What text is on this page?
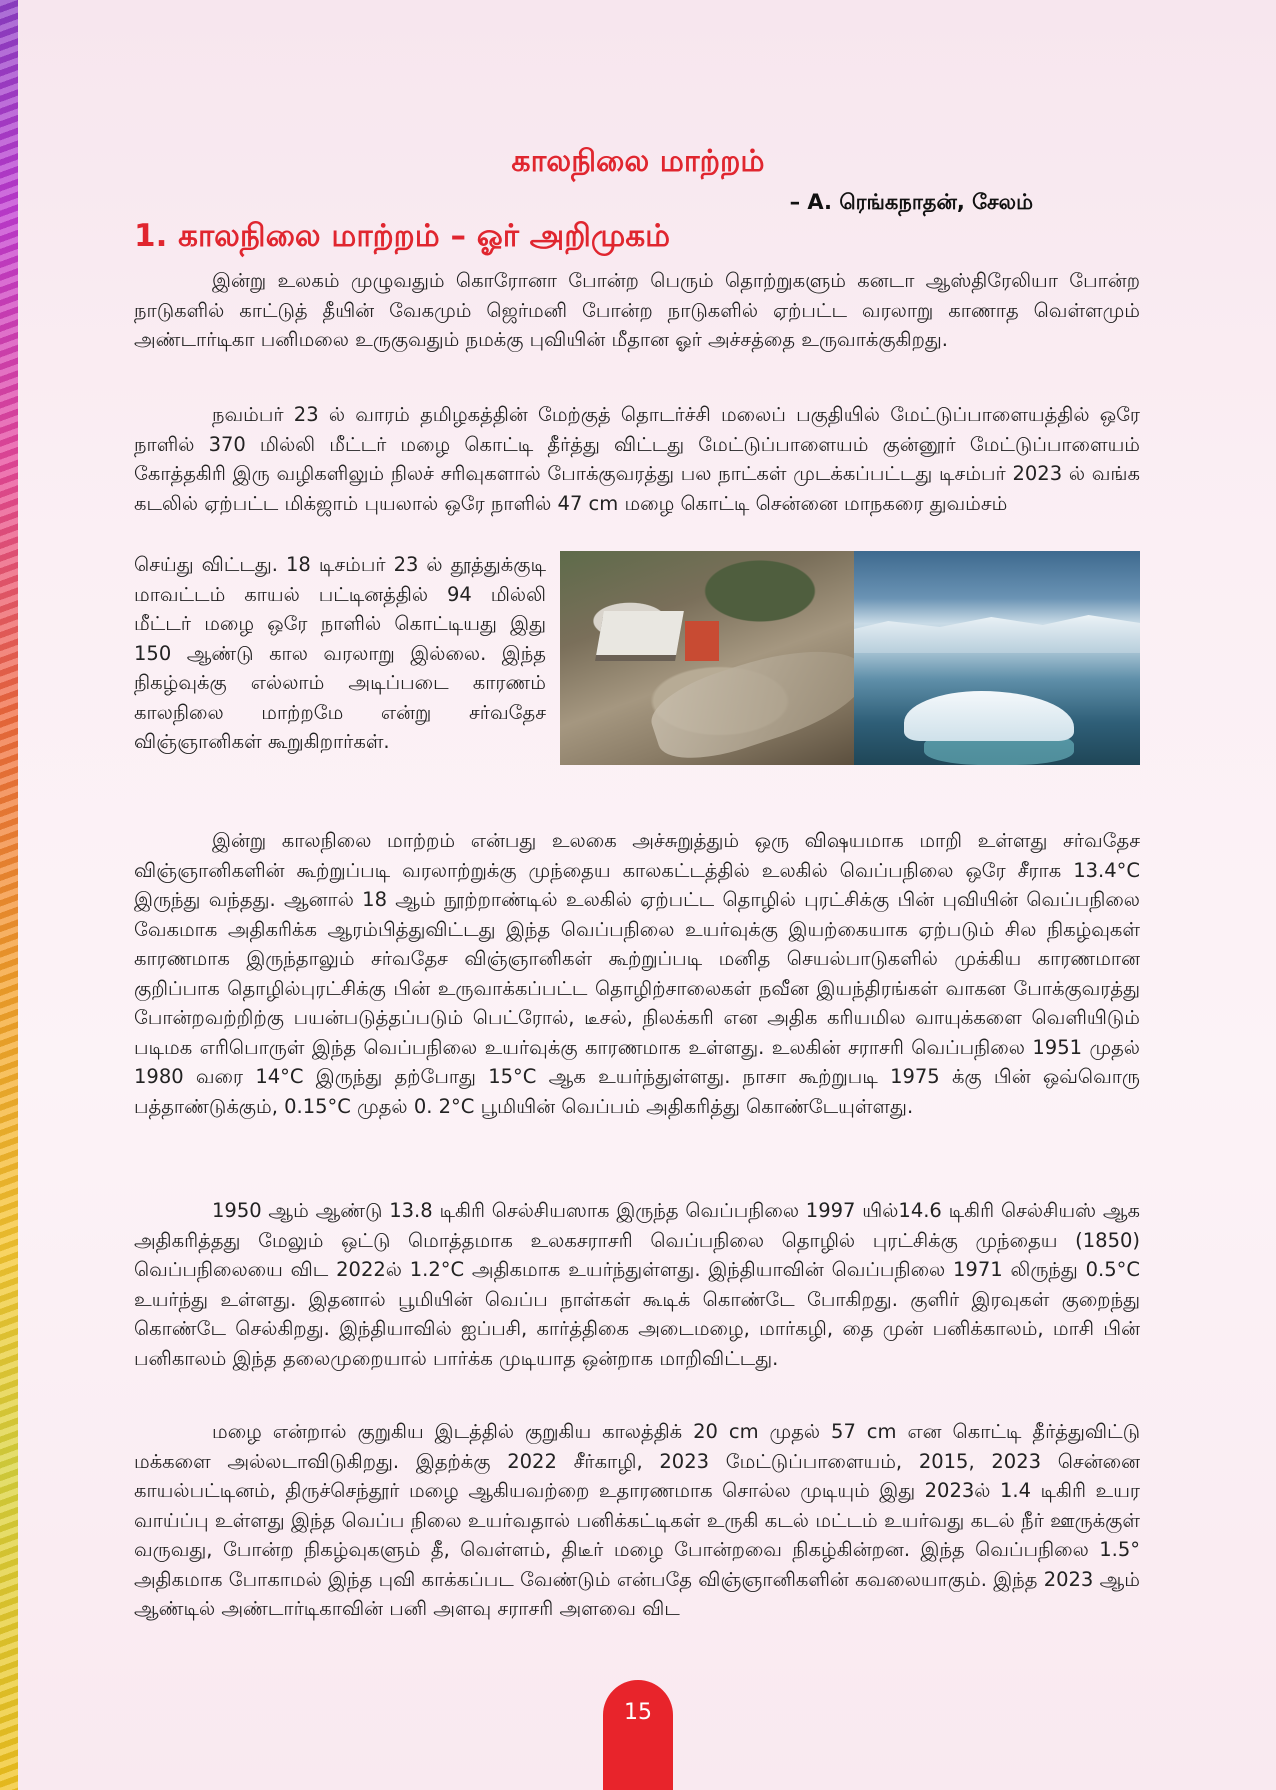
காலநிலை மாற்றம்

– A. ரெங்கநாதன், சேலம்

1. காலநிலை மாற்றம் – ஓர் அறிமுகம்

இன்று உலகம் முழுவதும் கொரோனா போன்ற பெரும் தொற்றுகளும் கனடா ஆஸ்திரேலியா போன்ற நாடுகளில் காட்டுத் தீயின் வேகமும் ஜெர்மனி போன்ற நாடுகளில் ஏற்பட்ட வரலாறு காணாத வெள்ளமும் அண்டார்டிகா பனிமலை உருகுவதும் நமக்கு புவியின் மீதான ஓர் அச்சத்தை உருவாக்குகிறது.

நவம்பர் 23 ல் வாரம் தமிழகத்தின் மேற்குத் தொடர்ச்சி மலைப் பகுதியில் மேட்டுப்பாளையத்தில் ஒரே நாளில் 370 மில்லி மீட்டர் மழை கொட்டி தீர்த்து விட்டது மேட்டுப்பாளையம் குன்னூர் மேட்டுப்பாளையம் கோத்தகிரி இரு வழிகளிலும் நிலச் சரிவுகளால் போக்குவரத்து பல நாட்கள் முடக்கப்பட்டது டிசம்பர் 2023 ல் வங்க கடலில் ஏற்பட்ட மிக்ஜாம் புயலால் ஒரே நாளில் 47 cm மழை கொட்டி சென்னை மாநகரை துவம்சம்

செய்து விட்டது. 18 டிசம்பர் 23 ல் தூத்துக்குடி மாவட்டம் காயல் பட்டினத்தில் 94 மில்லி மீட்டர் மழை ஒரே நாளில் கொட்டியது இது 150 ஆண்டு கால வரலாறு இல்லை. இந்த நிகழ்வுக்கு எல்லாம் அடிப்படை காரணம் காலநிலை மாற்றமே என்று சர்வதேச விஞ்ஞானிகள் கூறுகிறார்கள்.

இன்று காலநிலை மாற்றம் என்பது உலகை அச்சுறுத்தும் ஒரு விஷயமாக மாறி உள்ளது சர்வதேச விஞ்ஞானிகளின் கூற்றுப்படி வரலாற்றுக்கு முந்தைய காலகட்டத்தில் உலகில் வெப்பநிலை ஒரே சீராக 13.4°C இருந்து வந்தது. ஆனால் 18 ஆம் நூற்றாண்டில் உலகில் ஏற்பட்ட தொழில் புரட்சிக்கு பின் புவியின் வெப்பநிலை வேகமாக அதிகரிக்க ஆரம்பித்துவிட்டது இந்த வெப்பநிலை உயர்வுக்கு இயற்கையாக ஏற்படும் சில நிகழ்வுகள் காரணமாக இருந்தாலும் சர்வதேச விஞ்ஞானிகள் கூற்றுப்படி மனித செயல்பாடுகளில் முக்கிய காரணமான குறிப்பாக தொழில்புரட்சிக்கு பின் உருவாக்கப்பட்ட தொழிற்சாலைகள் நவீன இயந்திரங்கள் வாகன போக்குவரத்து போன்றவற்றிற்கு பயன்படுத்தப்படும் பெட்ரோல், டீசல், நிலக்கரி என அதிக கரியமில வாயுக்களை வெளியிடும் படிமக எரிபொருள் இந்த வெப்பநிலை உயர்வுக்கு காரணமாக உள்ளது. உலகின் சராசரி வெப்பநிலை 1951 முதல் 1980 வரை 14°C இருந்து தற்போது 15°C ஆக உயர்ந்துள்ளது. நாசா கூற்றுபடி 1975 க்கு பின் ஒவ்வொரு பத்தாண்டுக்கும், 0.15°C முதல் 0. 2°C பூமியின் வெப்பம் அதிகரித்து கொண்டேயுள்ளது.

1950 ஆம் ஆண்டு 13.8 டிகிரி செல்சியஸாக இருந்த வெப்பநிலை 1997 யில்14.6 டிகிரி செல்சியஸ் ஆக அதிகரித்தது மேலும் ஒட்டு மொத்தமாக உலகசராசரி வெப்பநிலை தொழில் புரட்சிக்கு முந்தைய (1850) வெப்பநிலையை விட 2022ல் 1.2°C அதிகமாக உயர்ந்துள்ளது. இந்தியாவின் வெப்பநிலை 1971 லிருந்து 0.5°C உயர்ந்து உள்ளது. இதனால் பூமியின் வெப்ப நாள்கள் கூடிக் கொண்டே போகிறது. குளிர் இரவுகள் குறைந்து கொண்டே செல்கிறது. இந்தியாவில் ஐப்பசி, கார்த்திகை அடைமழை, மார்கழி, தை முன் பனிக்காலம், மாசி பின் பனிகாலம் இந்த தலைமுறையால் பார்க்க முடியாத ஒன்றாக மாறிவிட்டது.

மழை என்றால் குறுகிய இடத்தில் குறுகிய காலத்திக் 20 cm முதல் 57 cm என கொட்டி தீர்த்துவிட்டு மக்களை அல்லடாவிடுகிறது. இதற்க்கு 2022 சீர்காழி, 2023 மேட்டுப்பாளையம், 2015, 2023 சென்னை காயல்பட்டினம், திருச்செந்தூர் மழை ஆகியவற்றை உதாரணமாக சொல்ல முடியும் இது 2023ல் 1.4 டிகிரி உயர வாய்ப்பு உள்ளது இந்த வெப்ப நிலை உயர்வதால் பனிக்கட்டிகள் உருகி கடல் மட்டம் உயர்வது கடல் நீர் ஊருக்குள் வருவது, போன்ற நிகழ்வுகளும் தீ, வெள்ளம், திடீர் மழை போன்றவை நிகழ்கின்றன. இந்த வெப்பநிலை 1.5° அதிகமாக போகாமல் இந்த புவி காக்கப்பட வேண்டும் என்பதே விஞ்ஞானிகளின் கவலையாகும். இந்த 2023 ஆம் ஆண்டில் அண்டார்டிகாவின் பனி அளவு சராசரி அளவை விட

15
